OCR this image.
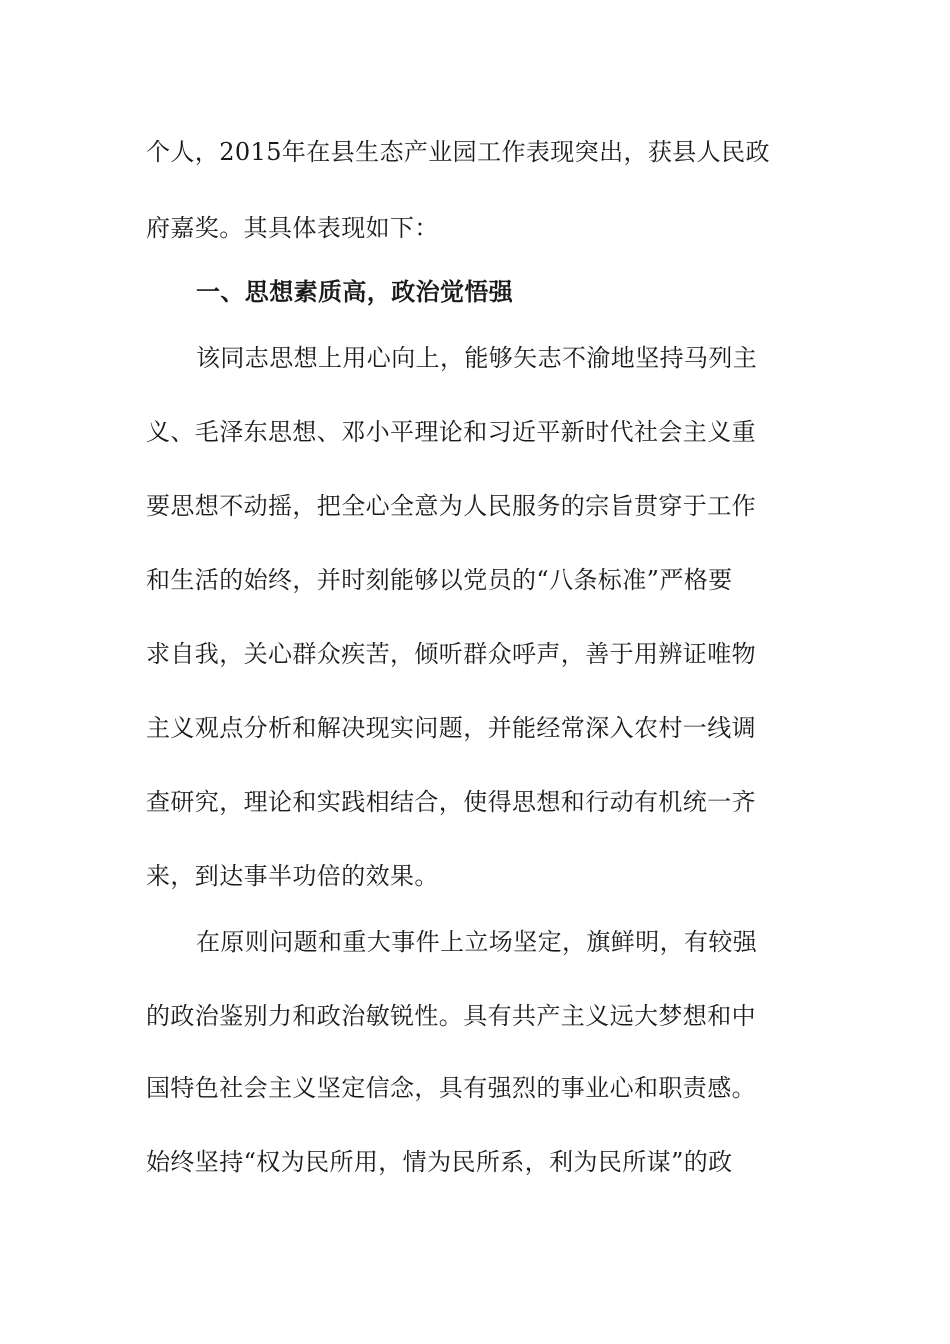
个人，2015年在县生态产业园工作表现突出，获县人民政
府嘉奖。其具体表现如下：
一、思想素质高，政治觉悟强
该同志思想上用心向上，能够矢志不渝地坚持马列主
义、毛泽东思想、邓小平理论和习近平新时代社会主义重
要思想不动摇，把全心全意为人民服务的宗旨贯穿于工作
和生活的始终，并时刻能够以党员的“八条标准”严格要
求自我，关心群众疾苦，倾听群众呼声，善于用辨证唯物
主义观点分析和解决现实问题，并能经常深入农村一线调
查研究，理论和实践相结合，使得思想和行动有机统一齐
来，到达事半功倍的效果。
在原则问题和重大事件上立场坚定，旗鲜明，有较强
的政治鉴别力和政治敏锐性。具有共产主义远大梦想和中
国特色社会主义坚定信念，具有强烈的事业心和职责感。
始终坚持“权为民所用，情为民所系，利为民所谋”的政
